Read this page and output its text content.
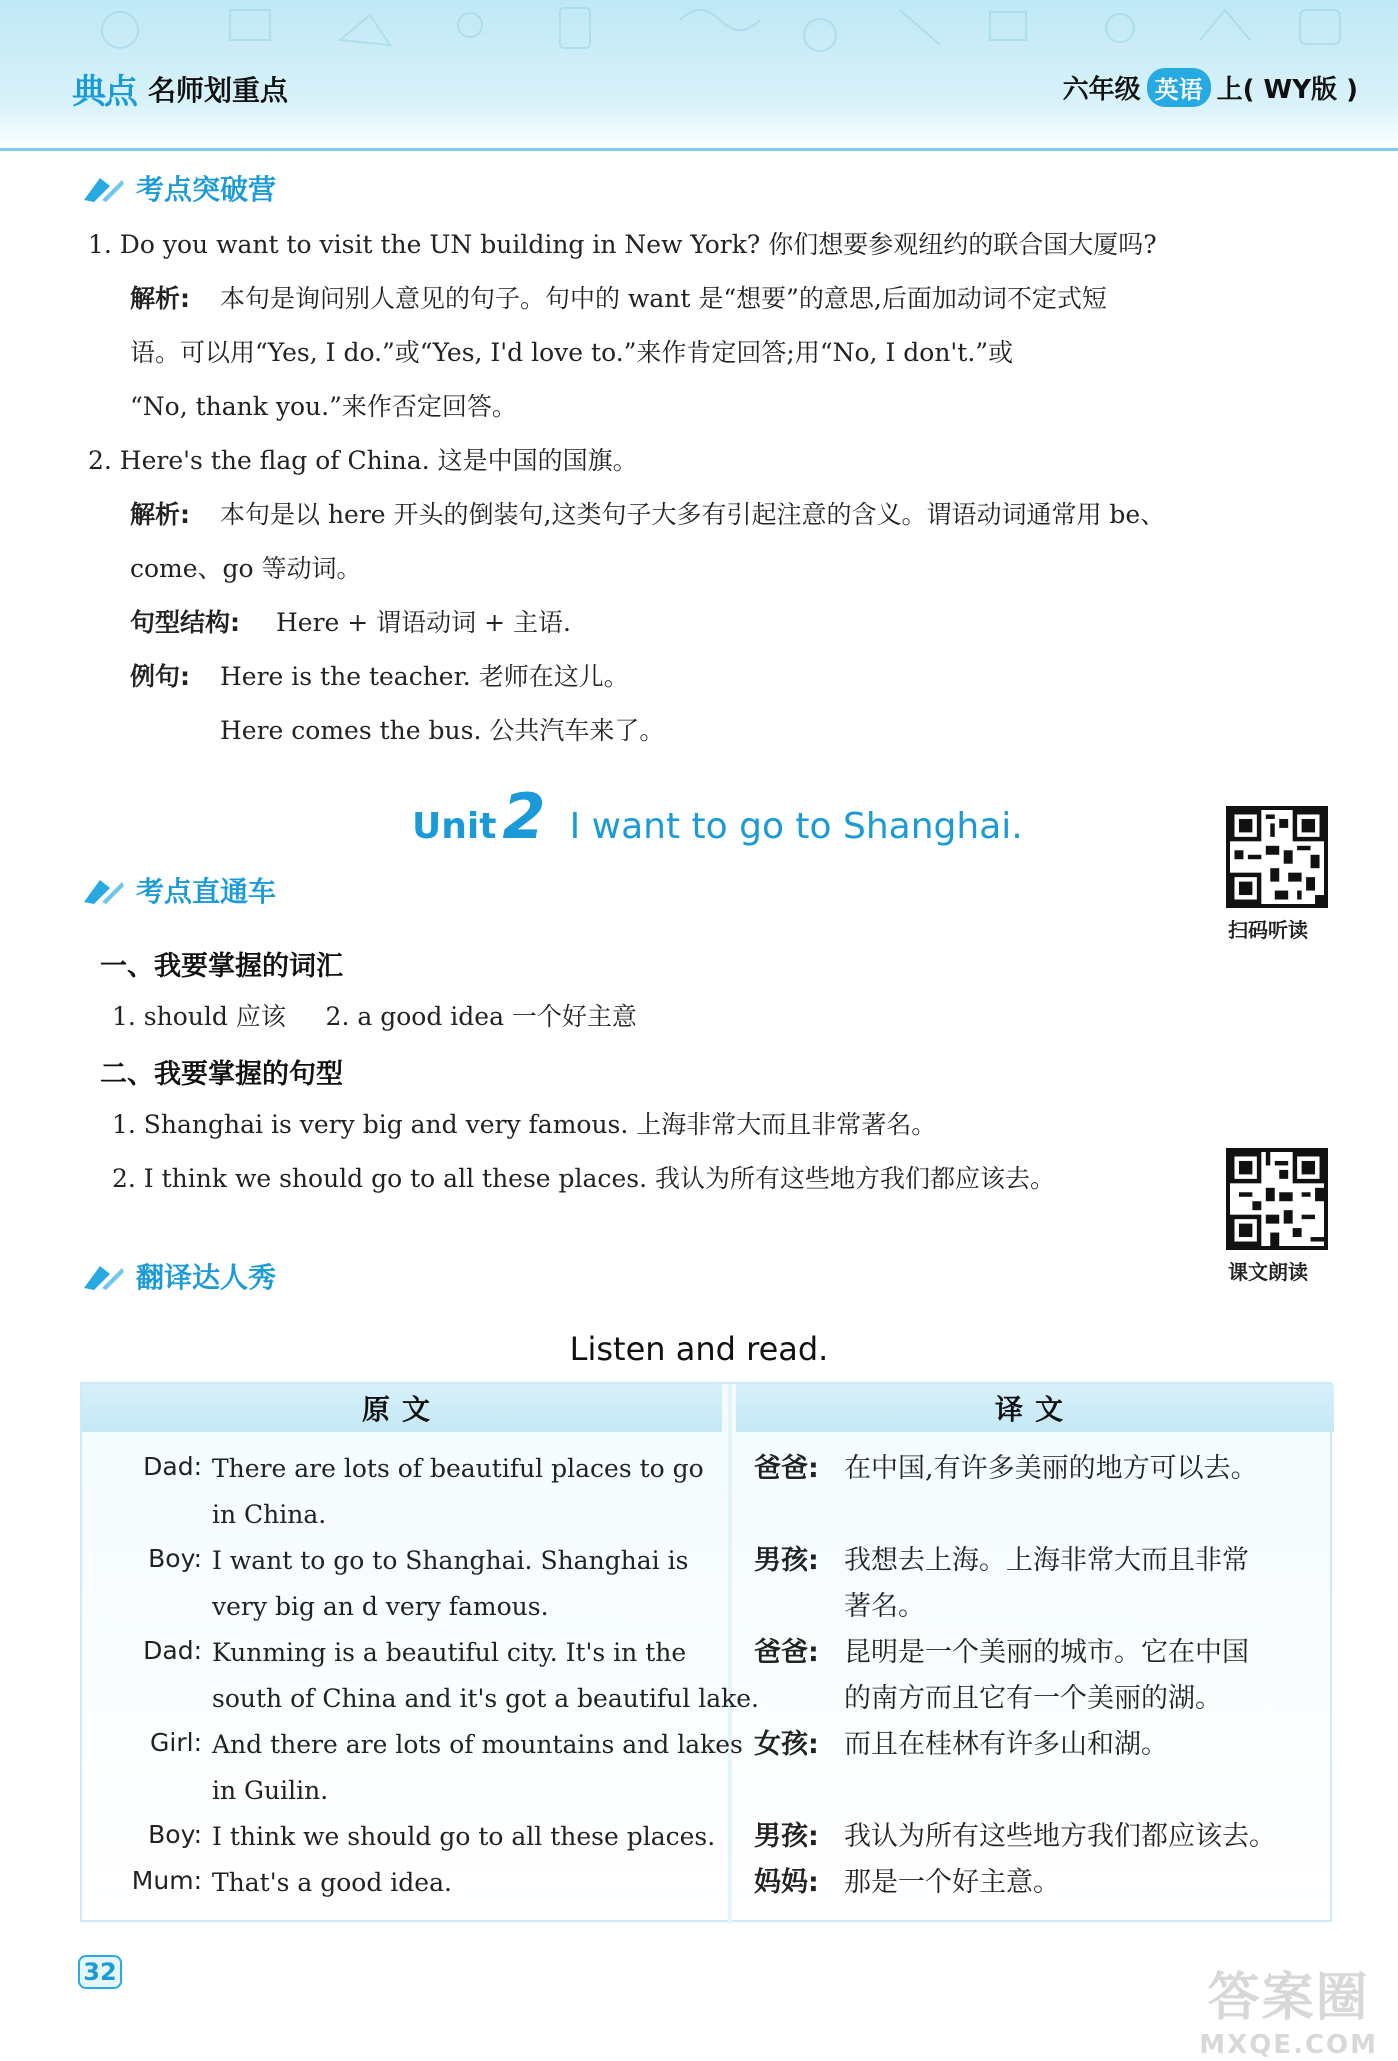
典点 名师划重点	六年级 英语 上( WY版 )
考点突破营
1. Do you want to visit the UN building in New York? 你们想要参观纽约的联合国大厦吗?
解析: 本句是询问别人意见的句子。句中的 want 是“想要”的意思,后面加动词不定式短
语。可以用“Yes, I do.”或“Yes, I'd love to.”来作肯定回答;用“No, I don't.”或
“No, thank you.”来作否定回答。
2. Here's the flag of China. 这是中国的国旗。
解析: 本句是以 here 开头的倒装句,这类句子大多有引起注意的含义。谓语动词通常用 be、
come、go 等动词。
句型结构: Here + 谓语动词 + 主语.
例句: Here is the teacher. 老师在这儿。
Here comes the bus. 公共汽车来了。
Unit 2 I want to go to Shanghai.
扫码听读
考点直通车
一、我要掌握的词汇
1. should 应该     2. a good idea 一个好主意
二、我要掌握的句型
1. Shanghai is very big and very famous. 上海非常大而且非常著名。
2. I think we should go to all these places. 我认为所有这些地方我们都应该去。
课文朗读
翻译达人秀
Listen and read.
原文	译文
Dad: There are lots of beautiful places to go
in China.
爸爸: 在中国,有许多美丽的地方可以去。
Boy: I want to go to Shanghai. Shanghai is
very big an d very famous.
男孩: 我想去上海。上海非常大而且非常
著名。
Dad: Kunming is a beautiful city. It's in the
south of China and it's got a beautiful lake.
爸爸: 昆明是一个美丽的城市。它在中国
的南方而且它有一个美丽的湖。
Girl: And there are lots of mountains and lakes
in Guilin.
女孩: 而且在桂林有许多山和湖。
Boy: I think we should go to all these places. 男孩: 我认为所有这些地方我们都应该去。
Mum: That's a good idea.	妈妈: 那是一个好主意。
32	答案圈
MXQE.COM
